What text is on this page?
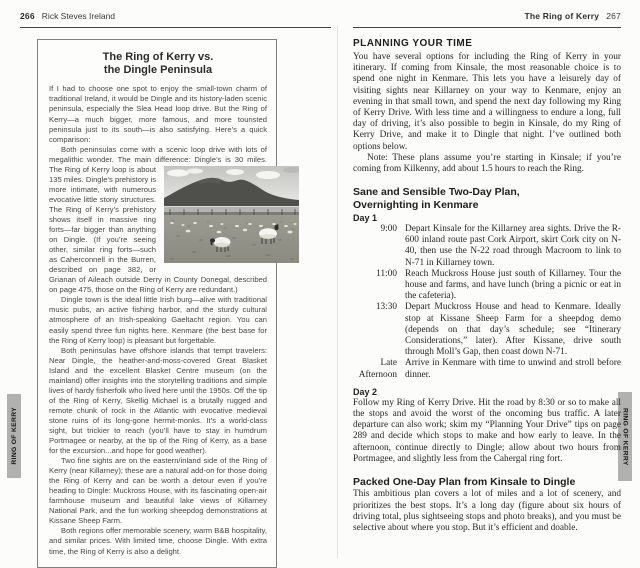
RING OF KERRY	RING OF KERRY
266 Rick Steves Ireland
The Ring of Kerry vs.
the Dingle Peninsula

If I had to choose one spot to enjoy the small-town charm of traditional Ireland, it would be Dingle and its history-laden scenic peninsula, especially the Slea Head loop drive. But the Ring of Kerry—a much bigger, more famous, and more touristed peninsula just to its south—is also satisfying. Here’s a quick comparison:

Both peninsulas come with a scenic loop drive with lots of megalithic wonder. The main difference: Dingle’s is 30 miles.
The Ring of Kerry loop is about 135 miles. Dingle’s prehistory is more intimate, with numerous evocative little stony structures. The Ring of Kerry’s prehistory shows itself in massive ring forts—far bigger than anything on Dingle. (If you’re seeing other, similar ring forts—such as Caherconnell in the Burren, described on page 382, or Grianan of Aileach outside Derry in County Donegal, described on page 475, those on the Ring of Kerry are redundant.)

Dingle town is the ideal little Irish burg—alive with traditional music pubs, an active fishing harbor, and the sturdy cultural atmosphere of an Irish-speaking Gaeltacht region. You can easily spend three fun nights here. Kenmare (the best base for the Ring of Kerry loop) is pleasant but forgettable.

Both peninsulas have offshore islands that tempt travelers: Near Dingle, the heather-and-moss-covered Great Blasket Island and the excellent Blasket Centre museum (on the mainland) offer insights into the storytelling traditions and simple lives of hardy fisherfolk who lived here until the 1950s. Off the tip of the Ring of Kerry, Skellig Michael is a brutally rugged and remote chunk of rock in the Atlantic with evocative medieval stone ruins of its long-gone hermit-monks. It’s a world-class sight, but trickier to reach (you’ll have to stay in humdrum Portmagee or nearby, at the tip of the Ring of Kerry, as a base for the excursion...and hope for good weather).

Two fine sights are on the eastern/inland side of the Ring of Kerry (near Killarney); these are a natural add-on for those doing the Ring of Kerry and can be worth a detour even if you’re heading to Dingle: Muckross House, with its fascinating open-air farmhouse museum and beautiful lake views of Killarney National Park, and the fun working sheepdog demonstrations at Kissane Sheep Farm.

Both regions offer memorable scenery, warm B&B hospitality, and similar prices. With limited time, choose Dingle. With extra time, the Ring of Kerry is also a delight.

The Ring of Kerry 267
PLANNING YOUR TIME

You have several options for including the Ring of Kerry in your itinerary. If coming from Kinsale, the most reasonable choice is to spend one night in Kenmare. This lets you have a leisurely day of visiting sights near Killarney on your way to Kenmare, enjoy an evening in that small town, and spend the next day following my Ring of Kerry Drive. With less time and a willingness to endure a long, full day of driving, it’s also possible to begin in Kinsale, do my Ring of Kerry Drive, and make it to Dingle that night. I’ve outlined both options below.

Note: These plans assume you’re starting in Kinsale; if you’re coming from Kilkenny, add about 1.5 hours to reach the Ring.

Sane and Sensible Two-Day Plan,
Overnighting in Kenmare
Day 1
9:00 Depart Kinsale for the Killarney area sights. Drive the R-600 inland route past Cork Airport, skirt Cork city on N-40, then use the N-22 road through Macroom to link to N-71 in Killarney town.
11:00 Reach Muckross House just south of Killarney. Tour the house and farms, and have lunch (bring a picnic or eat in the cafeteria).
13:30 Depart Muckross House and head to Kenmare. Ideally stop at Kissane Sheep Farm for a sheepdog demo (depends on that day’s schedule; see “Itinerary Considerations,” later). After Kissane, drive south through Moll’s Gap, then coast down N-71.
Late Afternoon
Arrive in Kenmare with time to unwind and stroll before dinner.
Day 2

Follow my Ring of Kerry Drive. Hit the road by 8:30 or so to make all the stops and avoid the worst of the oncoming bus traffic. A later departure can also work; skim my “Planning Your Drive” tips on page 289 and decide which stops to make and how early to leave. In the afternoon, continue directly to Dingle; allow about two hours from Portmagee, and slightly less from the Cahergal ring fort.

Packed One-Day Plan from Kinsale to Dingle

This ambitious plan covers a lot of miles and a lot of scenery, and prioritizes the best stops. It’s a long day (figure about six hours of driving total, plus sightseeing stops and photo breaks), and you must be selective about where you stop. But it’s efficient and doable.
